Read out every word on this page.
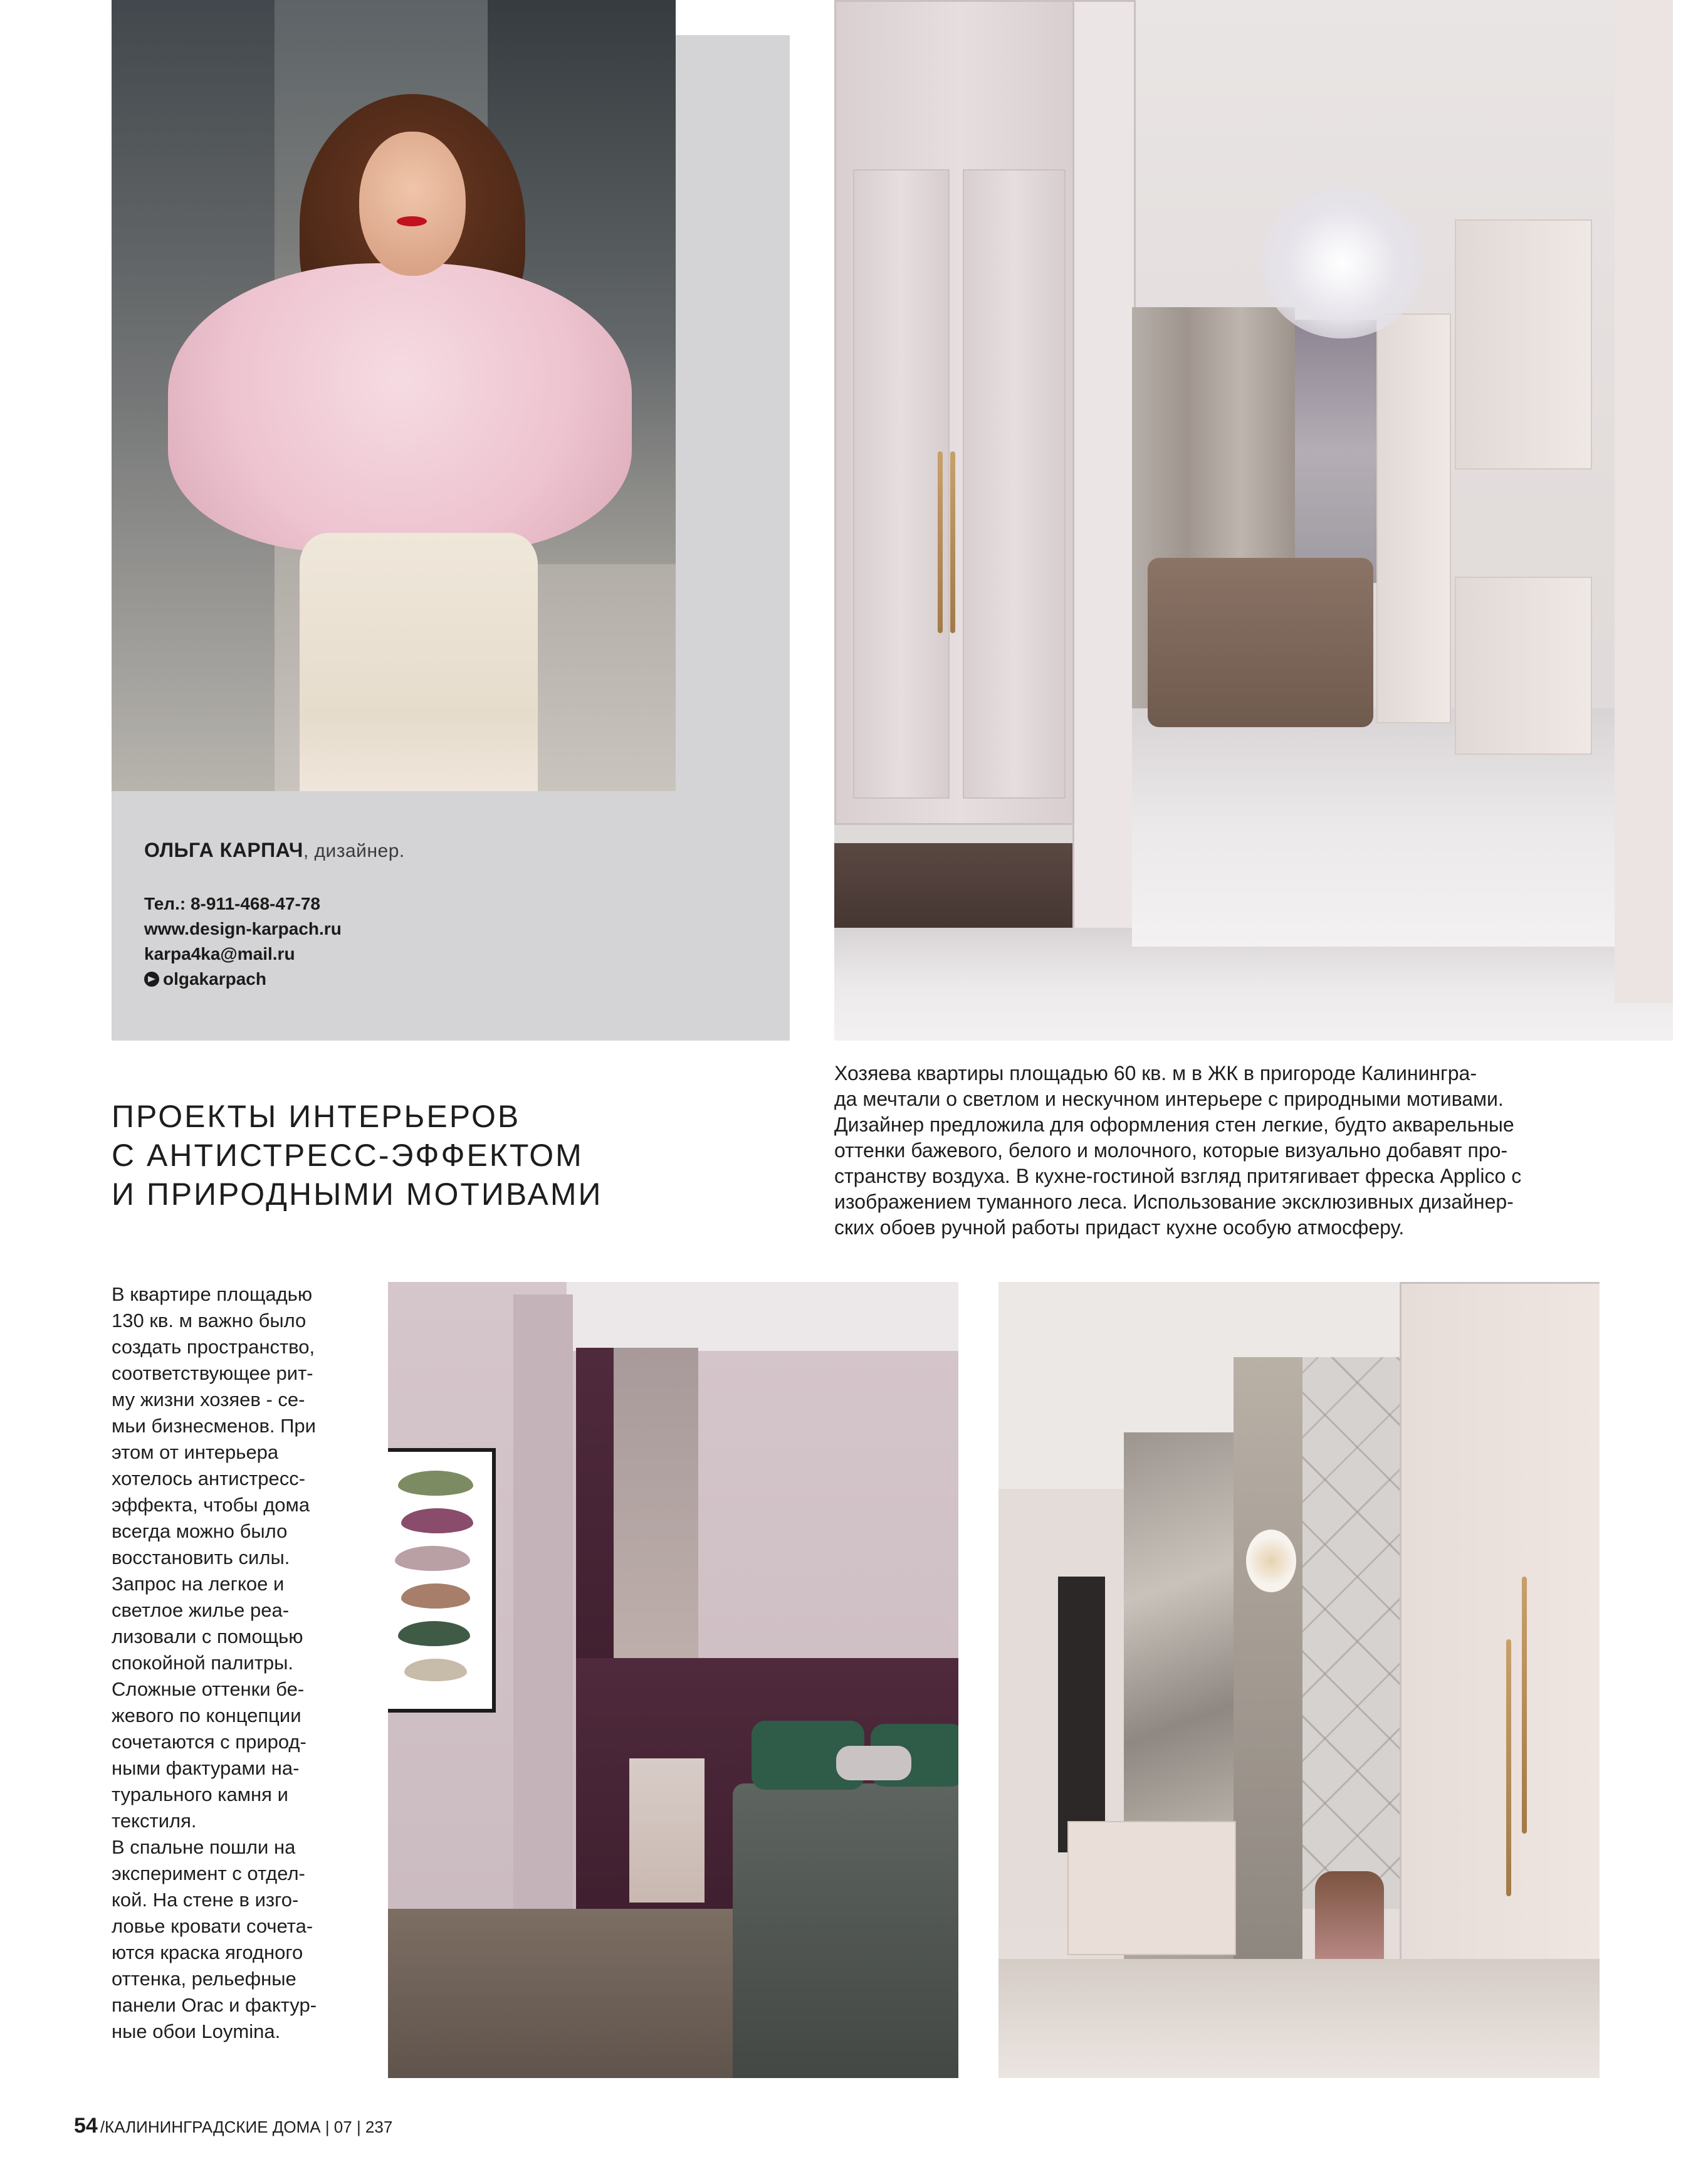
ОЛЬГА КАРПАЧ, дизайнер.
Тел.: 8-911-468-47-78
www.design-karpach.ru
karpa4ka@mail.ru
olgakarpach
ПРОЕКТЫ ИНТЕРЬЕРОВ
С АНТИСТРЕСС-ЭФФЕКТОМ
И ПРИРОДНЫМИ МОТИВАМИ
Хозяева квартиры площадью 60 кв. м в ЖК в пригороде Калинингра-
да мечтали о светлом и нескучном интерьере с природными мотивами.
Дизайнер предложила для оформления стен легкие, будто акварельные
оттенки бажевого, белого и молочного, которые визуально добавят про-
странству воздуха. В кухне-гостиной взгляд притягивает фреска Applico с
изображением туманного леса. Использование эксклюзивных дизайнер-
ских обоев ручной работы придаст кухне особую атмосферу.
В квартире площадью
130 кв. м важно было
создать пространство,
соответствующее рит-
му жизни хозяев - се-
мьи бизнесменов. При
этом от интерьера
хотелось антистресс-
эффекта, чтобы дома
всегда можно было
восстановить силы.
Запрос на легкое и
светлое жилье реа-
лизовали с помощью
спокойной палитры.
Сложные оттенки бе-
жевого по концепции
сочетаются с природ-
ными фактурами на-
турального камня и
текстиля.
В спальне пошли на
эксперимент с отдел-
кой. На стене в изго-
ловье кровати сочета-
ются краска ягодного
оттенка, рельефные
панели Orac и фактур-
ные обои Loymina.
54 /КАЛИНИНГРАДСКИЕ ДОМА | 07 | 237
